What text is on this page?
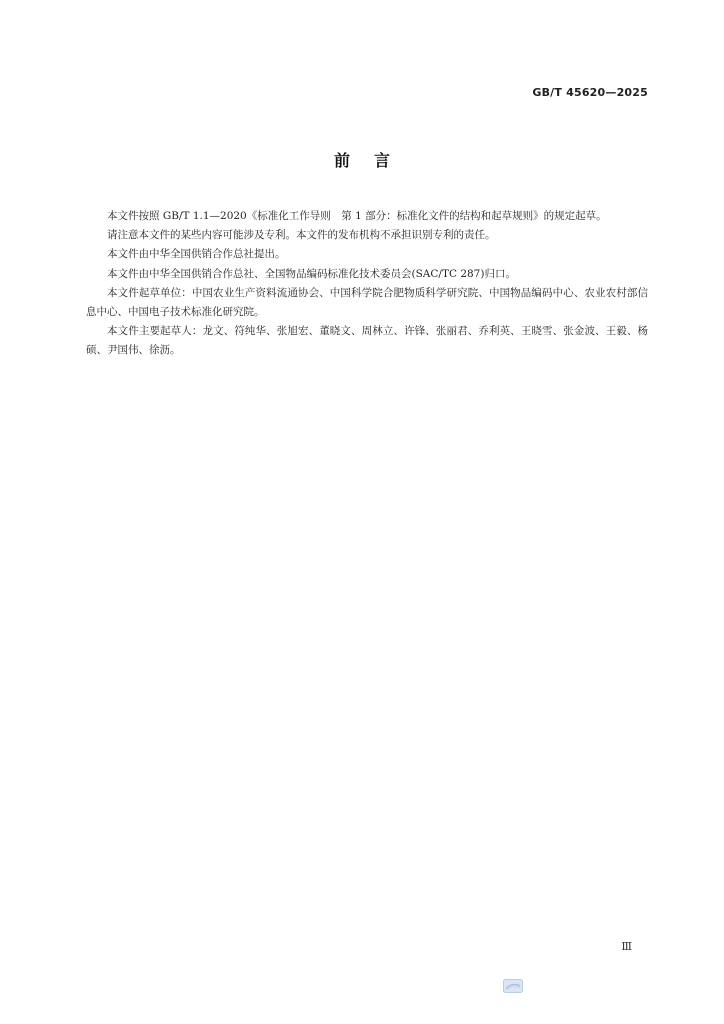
GB/T 45620—2025
前言

本文件按照 GB/T 1.1—2020《标准化工作导则　第 1 部分：标准化文件的结构和起草规则》的规定起草。

请注意本文件的某些内容可能涉及专利。本文件的发布机构不承担识别专利的责任。

本文件由中华全国供销合作总社提出。

本文件由中华全国供销合作总社、全国物品编码标准化技术委员会(SAC/TC 287)归口。

本文件起草单位：中国农业生产资料流通协会、中国科学院合肥物质科学研究院、中国物品编码中心、农业农村部信息中心、中国电子技术标准化研究院。

本文件主要起草人：龙文、符纯华、张旭宏、董晓文、周林立、许锋、张丽君、乔利英、王晓雪、张金波、王毅、杨硕、尹国伟、徐沥。

Ⅲ
